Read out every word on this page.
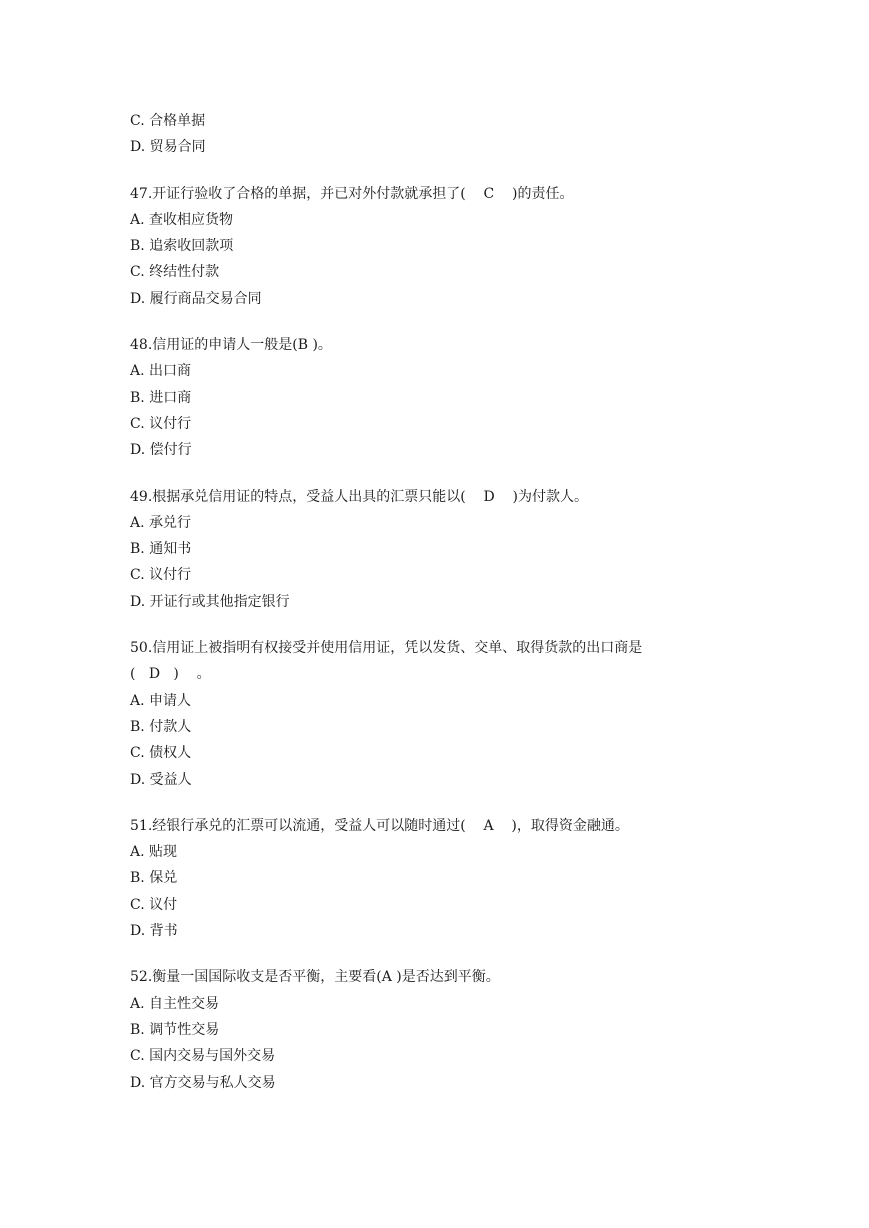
C. 合格单据
D. 贸易合同
47.开证行验收了合格的单据，并已对外付款就承担了(    C    )的责任。
A. 查收相应货物
B. 追索收回款项
C. 终结性付款
D. 履行商品交易合同
48.信用证的申请人一般是(B )。
A. 出口商
B. 进口商
C. 议付行
D. 偿付行
49.根据承兑信用证的特点，受益人出具的汇票只能以(    D    )为付款人。
A. 承兑行
B. 通知书
C. 议付行
D. 开证行或其他指定银行
50.信用证上被指明有权接受并使用信用证，凭以发货、交单、取得货款的出口商是
(   D   )    。
A. 申请人
B. 付款人
C. 债权人
D. 受益人
51.经银行承兑的汇票可以流通，受益人可以随时通过(    A    )，取得资金融通。
A. 贴现
B. 保兑
C. 议付
D. 背书
52.衡量一国国际收支是否平衡，主要看(A )是否达到平衡。
A. 自主性交易
B. 调节性交易
C. 国内交易与国外交易
D. 官方交易与私人交易
